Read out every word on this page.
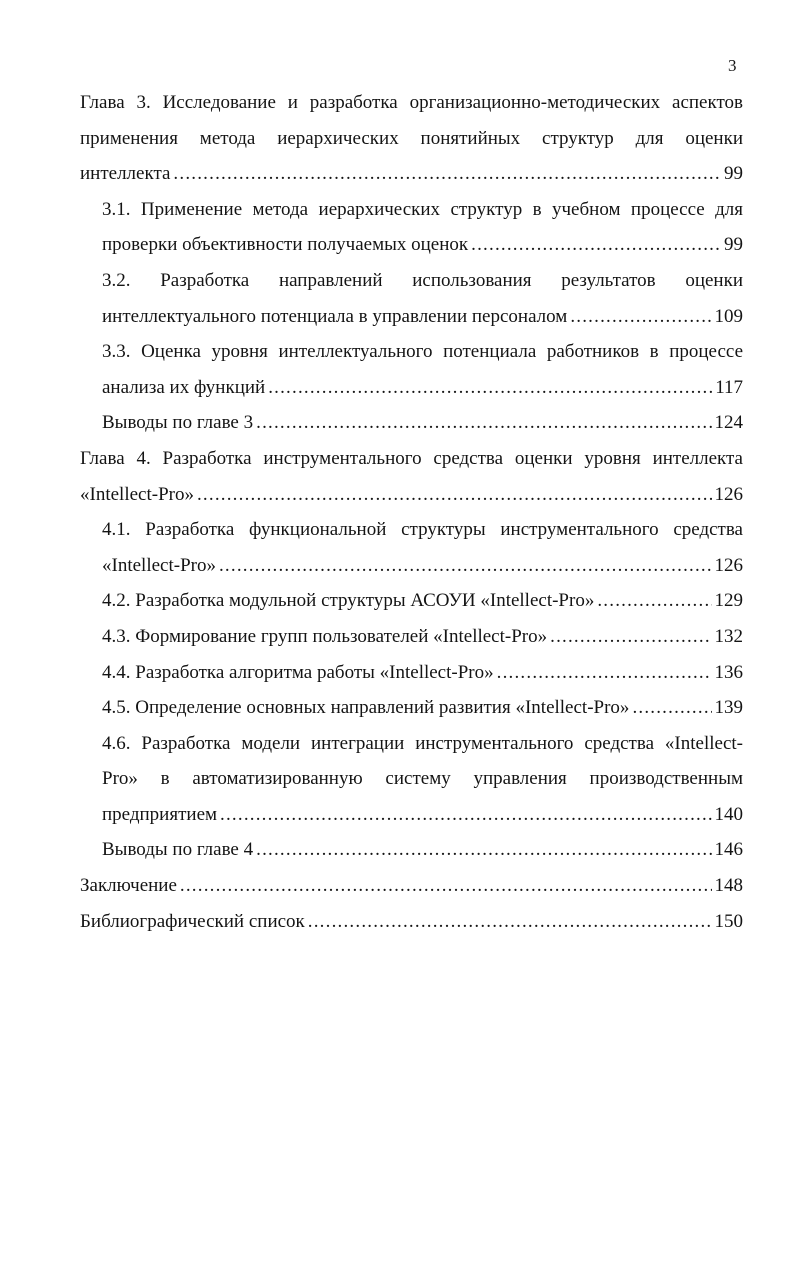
3
Глава 3. Исследование и разработка организационно-методических аспектов
применения метода иерархических понятийных структур для оценки
интеллекта .....	99
3.1. Применение метода иерархических структур в учебном процессе для
проверки объективности получаемых оценок .....	99
3.2. Разработка направлений использования результатов оценки
интеллектуального потенциала в управлении персоналом .....	109
3.3. Оценка уровня интеллектуального потенциала работников в процессе
анализа их функций .....	117
Выводы по главе 3 .....	124
Глава 4. Разработка инструментального средства оценки уровня интеллекта
«Intellect-Pro» .....	126
4.1. Разработка функциональной структуры инструментального средства
«Intellect-Pro» .....	126
4.2. Разработка модульной структуры АСОУИ «Intellect-Pro» .....	129
4.3. Формирование групп пользователей «Intellect-Pro» .....	132
4.4. Разработка алгоритма работы «Intellect-Pro» .....	136
4.5. Определение основных направлений развития «Intellect-Pro» .....	139
4.6. Разработка модели интеграции инструментального средства «Intellect-
Pro» в автоматизированную систему управления производственным
предприятием .....	140
Выводы по главе 4 .....	146
Заключение .....	148
Библиографический список .....	150
